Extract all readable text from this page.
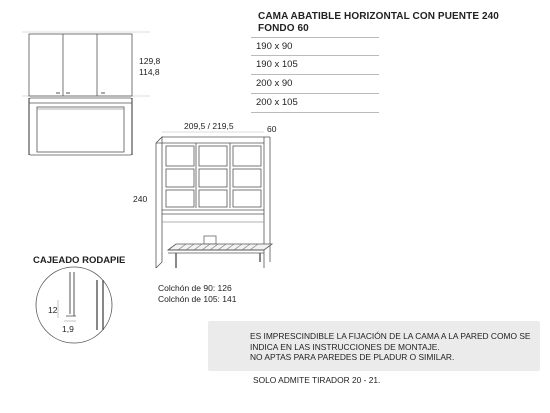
CAMA ABATIBLE HORIZONTAL CON PUENTE 240
FONDO 60
190 x 90
190 x 105
200 x 90
200 x 105
129,8
114,8
209,5 / 219,5	60
240
Colchón de 90: 126
Colchón de 105: 141
CAJEADO RODAPIE
12
1,9
ES IMPRESCINDIBLE LA FIJACIÓN DE LA CAMA A LA PARED COMO SE
INDICA EN LAS INSTRUCCIONES DE MONTAJE.
NO APTAS PARA PAREDES DE PLADUR O SIMILAR.
SOLO ADMITE TIRADOR 20 - 21.
